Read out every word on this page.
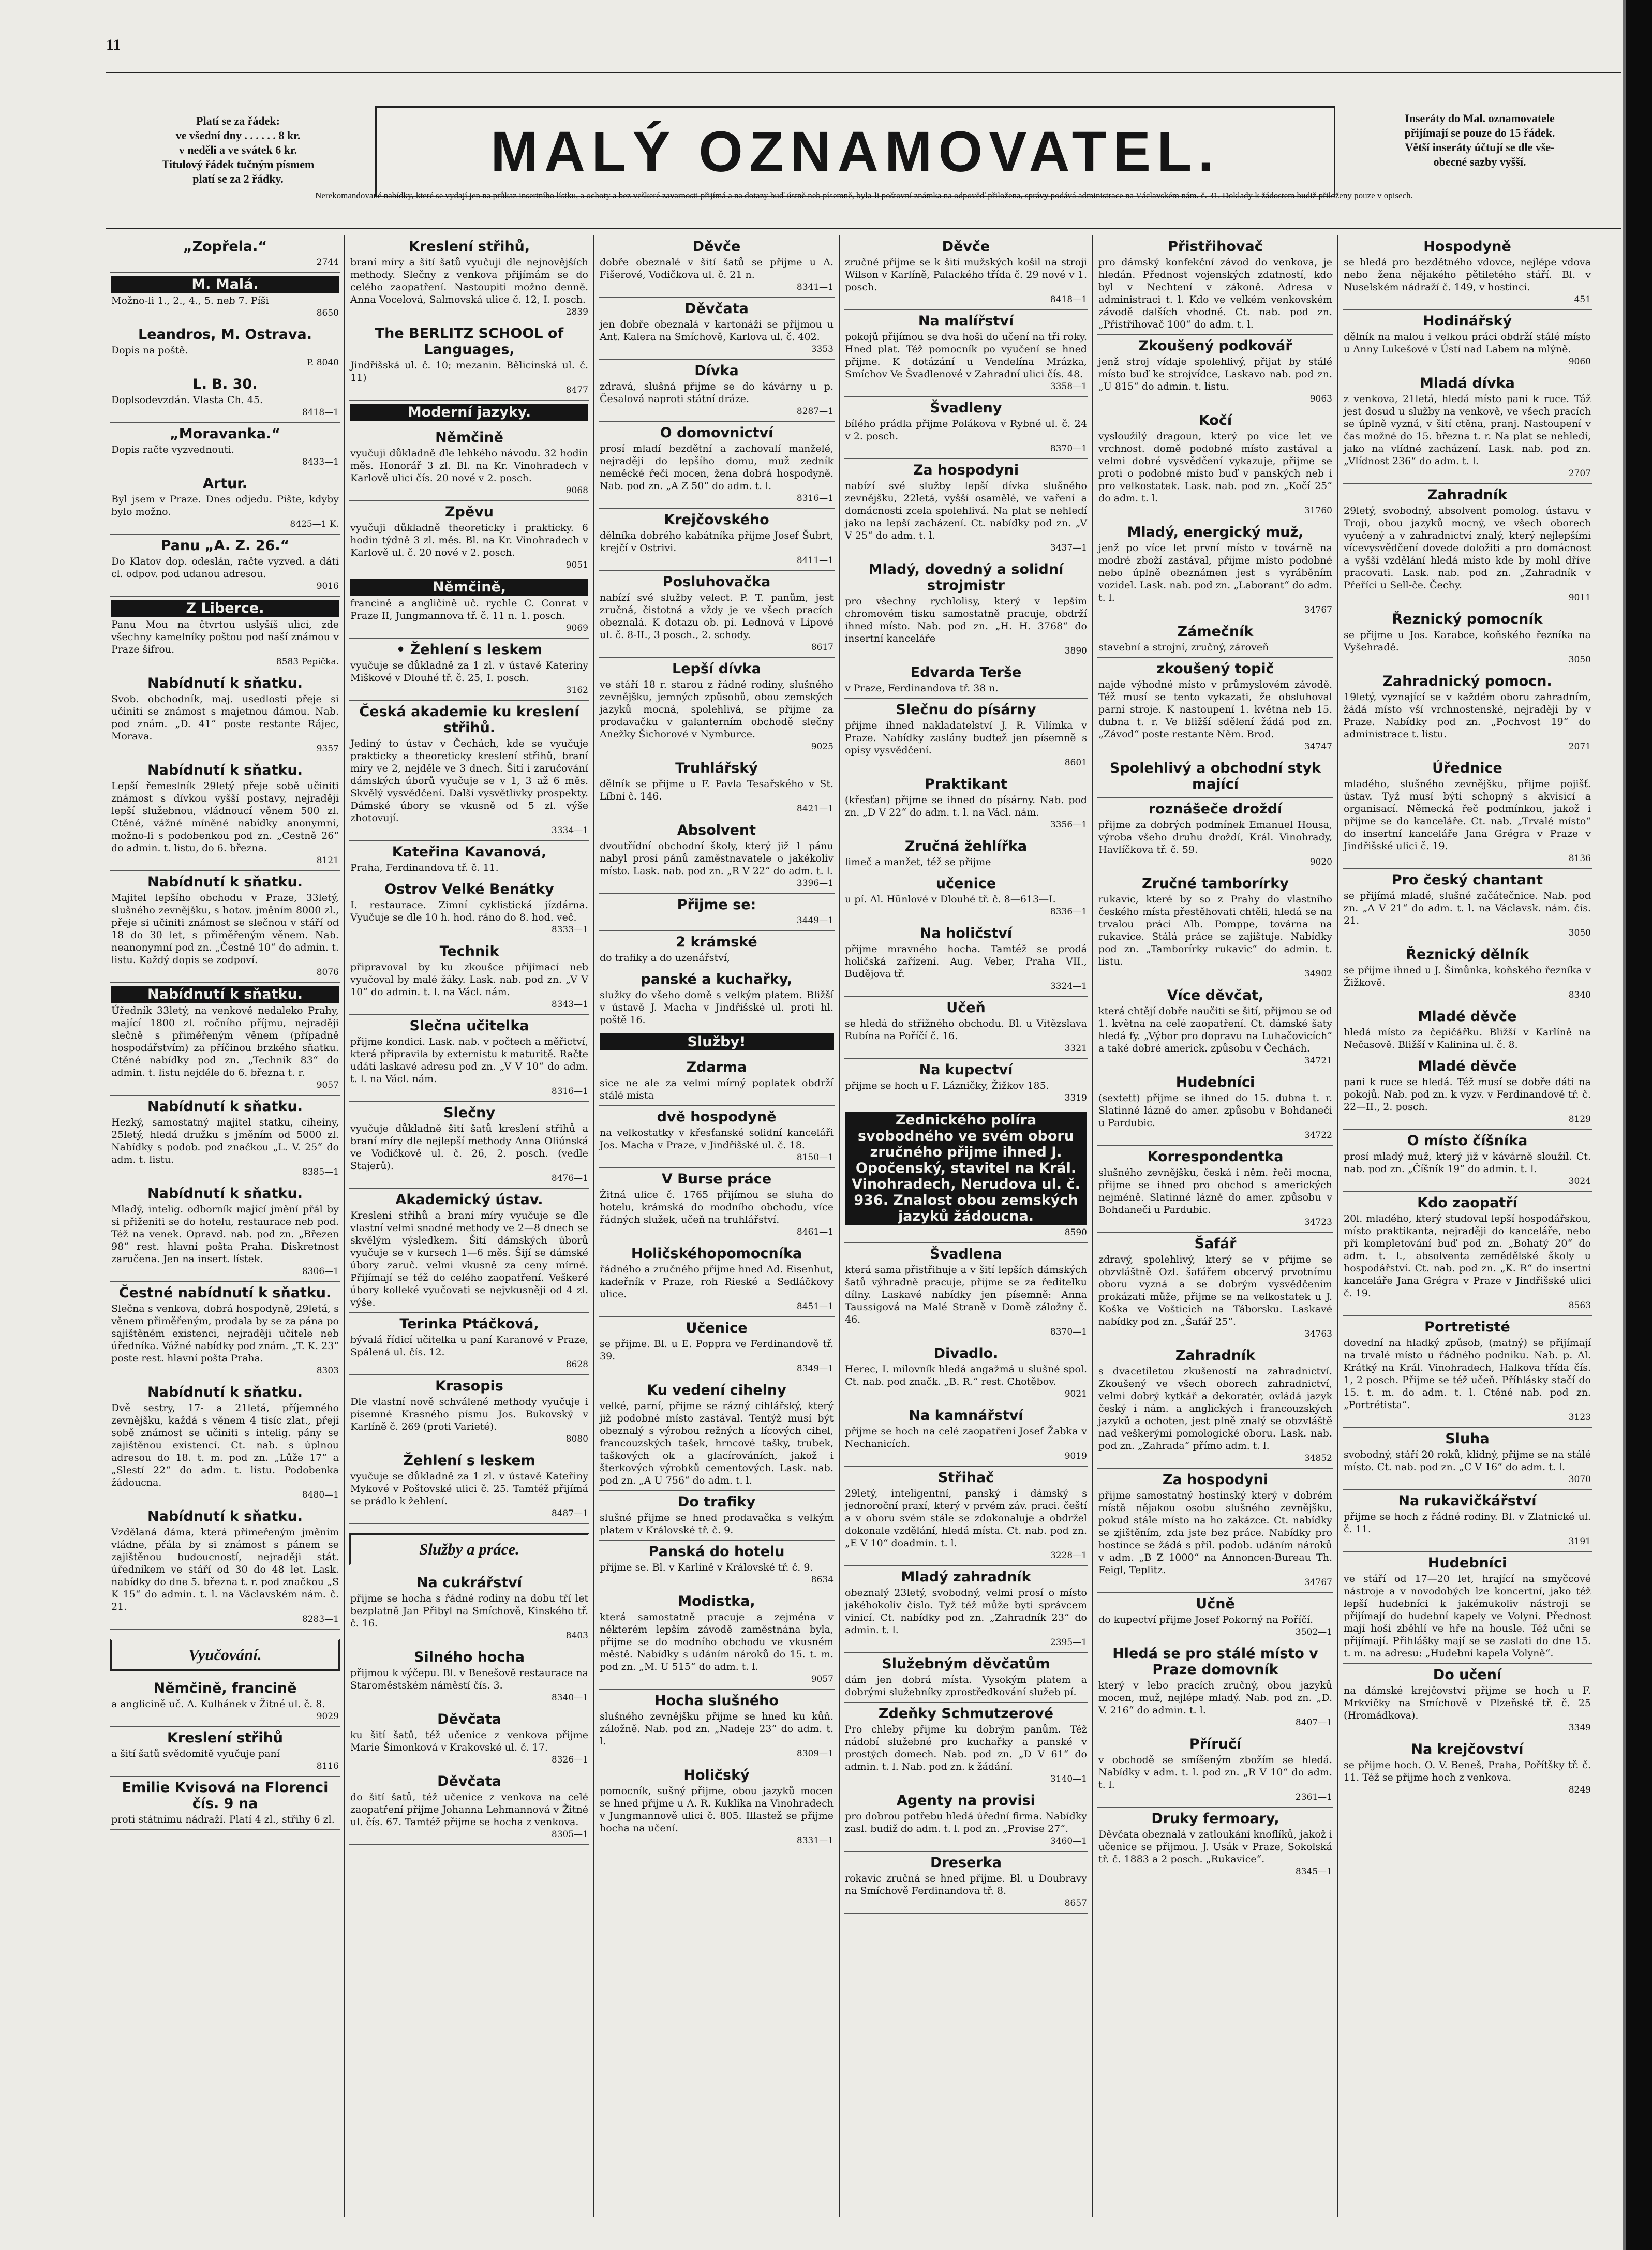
11
Platí se za řádek:
ve všední dny . . . . . . 8 kr.
v neděli a ve svátek 6 kr.
Titulový řádek tučným písmem
platí se za 2 řádky.	MALÝ OZNAMOVATEL.
Inseráty do Mal. oznamovatele
přijímají se pouze do 15 řádek.
Větší inseráty účtují se dle vše-
obecné sazby vyšší.
Nerekomandované nabídky, které se vydají jen na průkaz insertního lístku, a ochoty a bez veškeré zavarnosti přijímá a na dotazy buď ústně neb písemně, byla-li poštovní známka na odpověď přiložena, správy podává administrace na Václavském nám. č. 31. Doklady k žádostem budiž přiloženy pouze v opisech.
„Zopřela.“
2744
M. Malá.
Možno-li 1., 2., 4., 5. neb 7. Píši
8650
Leandros, M. Ostrava.
Dopis na poště.
P. 8040
L. B. 30.
Doplsodevzdán. Vlasta Ch. 45.
8418—1
„Moravanka.“
Dopis račte vyzvednouti.
8433—1
Artur.
Byl jsem v Praze. Dnes odjedu. Pište, kdyby bylo možno.
8425—1 K.
Panu „A. Z. 26.“
Do Klatov dop. odeslán, račte vyzved. a dáti cl. odpov. pod udanou adresou.
9016
Z Liberce.
Panu Mou na čtvrtou uslyšíš ulici, zde všechny kamelníky poštou pod naší známou v Praze šifrou.
8583 Pepička.
Nabídnutí k sňatku.
Svob. obchodník, maj. usedlosti přeje si učiniti se známost s majetnou dámou. Nab. pod znám. „D. 41“ poste restante Rájec, Morava.
9357
Nabídnutí k sňatku.
Lepší řemeslník 29letý přeje sobě učiniti známost s dívkou vyšší postavy, nejraději lepší služebnou, vládnoucí věnem 500 zl. Ctěné, vážné míněné nabídky anonymní, možno-li s podobenkou pod zn. „Cestně 26“ do admin. t. listu, do 6. března.
8121
Nabídnutí k sňatku.
Majitel lepšího obchodu v Praze, 33letý, slušného zevnějšku, s hotov. jměním 8000 zl., přeje si učiniti známost se slečnou v stáří od 18 do 30 let, s přiměřeným věnem. Nab. neanonymní pod zn. „Čestně 10“ do admin. t. listu. Každý dopis se zodpoví.
8076
Nabídnutí k sňatku.
Úředník 33letý, na venkově nedaleko Prahy, mající 1800 zl. ročního příjmu, nejraději slečně s přiměřeným věnem (případně hospodářstvím) za příčinou brzkého sňatku. Ctěné nabídky pod zn. „Technik 83“ do admin. t. listu nejdéle do 6. března t. r.
9057
Nabídnutí k sňatku.
Hezký, samostatný majitel statku, ciheiny, 25letý, hledá družku s jměním od 5000 zl. Nabídky s podob. pod značkou „L. V. 25“ do adm. t. listu.
8385—1
Nabídnutí k sňatku.
Mladý, intelig. odborník mající jmění přál by si přiženiti se do hotelu, restaurace neb pod. Též na venek. Opravd. nab. pod zn. „Březen 98“ rest. hlavní pošta Praha. Diskretnost zaručena. Jen na insert. lístek.
8306—1
Čestné nabídnutí k sňatku.
Slečna s venkova, dobrá hospodyně, 29letá, s věnem přiměřeným, prodala by se za pána po sajištěném existenci, nejraději učitele neb úředníka. Vážné nabídky pod znám. „T. K. 23“ poste rest. hlavní pošta Praha.
8303
Nabídnutí k sňatku.
Dvě sestry, 17- a 21letá, příjemného zevnějšku, každá s věnem 4 tisíc zlat., přejí sobě známost se učiniti s intelig. pány se zajištěnou existencí. Ct. nab. s úplnou adresou do 18. t. m. pod zn. „Lůže 17“ a „Slestí 22“ do adm. t. listu. Podobenka žádoucna.
8480—1
Nabídnutí k sňatku.
Vzdělaná dáma, která přimeřeným jměním vládne, přála by si známost s pánem se zajištěnou budoucností, nejraději stát. úředníkem ve stáří od 30 do 48 let. Lask. nabídky do dne 5. března t. r. pod značkou „S K 15“ do admin. t. l. na Václavském nám. č. 21.
8283—1
Vyučování.
Němčině, francině
a anglicině uč. A. Kulhánek v Žitné ul. č. 8.
9029
Kreslení střihů
a šití šatů svědomitě vyučuje paní
8116
Emilie Kvisová na Florenci čís. 9 na
proti státnímu nádraží. Platí 4 zl., střihy 6 zl.
Kreslení střihů,
braní míry a šití šatů vyučuji dle nejnovějších methody. Slečny z venkova přijímám se do celého zaopatření. Nastoupiti možno denně. Anna Vocelová, Salmovská ulice č. 12, I. posch.
2839
The BERLITZ SCHOOL of Languages,
Jindřišská ul. č. 10; mezanin. Bělicinská ul. č. 11)
8477
Moderní jazyky.
Němčině
vyučuji důkladně dle lehkého návodu. 32 hodin měs. Honorář 3 zl. Bl. na Kr. Vinohradech v Karlově ulici čís. 20 nové v 2. posch.
9068
Zpěvu
vyučuji důkladně theoreticky i prakticky. 6 hodin týdně 3 zl. měs. Bl. na Kr. Vinohradech v Karlově ul. č. 20 nové v 2. posch.
9051
Němčině,
francině a angličině uč. rychle C. Conrat v Praze II, Jungmannova tř. č. 11 n. 1. posch.
9069
• Žehlení s leskem
vyučuje se důkladně za 1 zl. v ústavě Kateriny Miškové v Dlouhé tř. č. 25, I. posch.
3162
Česká akademie ku kreslení střihů.
Jediný to ústav v Čechách, kde se vyučuje prakticky a theoreticky kreslení střihů, braní míry ve 2, nejděle ve 3 dnech. Šití i zaručování dámských úborů vyučuje se v 1, 3 až 6 měs. Skvělý vysvědčení. Další vysvětlivky prospekty. Dámské úbory se vkusně od 5 zl. výše zhotovují.
3334—1
Kateřina Kavanová,
Praha, Ferdinandova tř. č. 11.
Ostrov Velké Benátky
I. restaurace. Zimní cyklistická jízdárna. Vyučuje se dle 10 h. hod. ráno do 8. hod. več.
8333—1
Technik
připravoval by ku zkoušce příjímací neb vyučoval by malé žáky. Lask. nab. pod zn. „V V 10“ do admin. t. l. na Václ. nám.
8343—1
Slečna učitelka
přijme kondici. Lask. nab. v počtech a měřictví, která připravila by externistu k maturitě. Račte udáti laskavé adresu pod zn. „V V 10“ do adm. t. l. na Václ. nám.
8316—1
Slečny
vyučuje důkladně šití šatů kreslení střihů a braní míry dle nejlepší methody Anna Oliúnská ve Vodičkově ul. č. 26, 2. posch. (vedle Stajerů).
8476—1
Akademický ústav.
Kreslení střihů a braní míry vyučuje se dle vlastní velmi snadné methody ve 2—8 dnech se skvělým výsledkem. Šití dámských úborů vyučuje se v kursech 1—6 měs. Šijí se dámské úbory zaruč. velmi vkusně za ceny mírné. Přijímají se též do celého zaopatření. Veškeré úbory kolleké vyučovati se nejvkusněji od 4 zl. výše.
Terinka Ptáčková,
bývalá řídicí učitelka u paní Karanové v Praze, Spálená ul. čís. 12.
8628
Krasopis
Dle vlastní nově schválené methody vyučuje i písemné Krasného písmu Jos. Bukovský v Karlíně č. 269 (proti Varieté).
8080
Žehlení s leskem
vyučuje se důkladně za 1 zl. v ústavě Kateřiny Mykové v Poštovské ulici č. 25. Tamtéž přijímá se prádlo k žehlení.
8487—1
Služby a práce.
Na cukrářství
přijme se hocha s řádné rodiny na dobu tří let bezplatně Jan Přibyl na Smíchově, Kinského tř. č. 16.
8403
Silného hocha
přijmou k výčepu. Bl. v Benešově restaurace na Staroměstském náměstí čís. 3.
8340—1
Děvčata
ku šití šatů, též učenice z venkova přijme Marie Šimonková v Krakovské ul. č. 17.
8326—1
Děvčata
do šití šatů, též učenice z venkova na celé zaopatření přijme Johanna Lehmannová v Žitné ul. čís. 67. Tamtéž přijme se hocha z venkova.
8305—1
Děvče
dobře obeznalé v šití šatů se přijme u A. Fišerové, Vodičkova ul. č. 21 n.
8341—1
Děvčata
jen dobře obeznalá v kartonáži se přijmou u Ant. Kalera na Smíchově, Karlova ul. č. 402.
3353
Dívka
zdravá, slušná přijme se do kávárny u p. Česalová naproti státní dráze.
8287—1
O domovnictví
prosí mladí bezdětní a zachovalí manželé, nejraději do lepšího domu, muž zedník neměcké řeči mocen, žena dobrá hospodyně. Nab. pod zn. „A Z 50“ do adm. t. l.
8316—1
Krejčovského
dělníka dobrého kabátníka přijme Josef Šubrt, krejčí v Ostrivi.
8411—1
Posluhovačka
nabízí své služby velect. P. T. panům, jest zručná, čistotná a vždy je ve všech pracích obeznalá. K dotazu ob. pí. Lednová v Lipové ul. č. 8-II., 3 posch., 2. schody.
8617
Lepší dívka
ve stáří 18 r. starou z řádné rodiny, slušného zevnějšku, jemných způsobů, obou zemských jazyků mocná, spolehlivá, se přijme za prodavačku v galanterním obchodě slečny Anežky Šichorové v Nymburce.
9025
Truhlářský
dělník se přijme u F. Pavla Tesařského v St. Líbní č. 146.
8421—1
Absolvent
dvoutřídní obchodní školy, který již 1 pánu nabyl prosí pánů zaměstnavatele o jakékoliv místo. Lask. nab. pod zn. „R V 22“ do adm. t. l.
3396—1
Přijme se:
3449—1
2 krámské
do trafiky a do uzenářství,
panské a kuchařky,
služky do všeho domě s velkým platem. Bližší v ústavě J. Macha v Jindřišské ul. proti hl. poště 16.
Služby!
Zdarma
sice ne ale za velmi mírný poplatek obdrží stálé místa
dvě hospodyně
na velkostatky v křesťanské solidní kanceláři Jos. Macha v Praze, v Jindřišské ul. č. 18.
8150—1
V Burse práce
Žitná ulice č. 1765 přijímou se sluha do hotelu, krámská do modního obchodu, více řádných služek, učeň na truhlářství.
8461—1
Holičskéhopomocníka
řádného a zručného přijme hned Ad. Eisenhut, kadeřník v Praze, roh Rieské a Sedláčkovy ulice.
8451—1
Učenice
se přijme. Bl. u E. Poppra ve Ferdinandově tř. 39.
8349—1
Ku vedení cihelny
velké, parní, přijme se rázný cihlářský, který již podobné místo zastával. Tentýž musí být obeznalý s výrobou režných a lícových cihel, francouzských tašek, hrncové tašky, trubek, taškových ok a glacírováních, jakož i šterkových výrobků cementových. Lask. nab. pod zn. „A U 756“ do adm. t. l.
Do trafiky
slušné přijme se hned prodavačka s velkým platem v Královské tř. č. 9.
Panská do hotelu
přijme se. Bl. v Karlíně v Královské tř. č. 9.
8634
Modistka,
která samostatně pracuje a zejména v některém lepším závodě zaměstnána byla, přijme se do modního obchodu ve vkusném městě. Nabídky s udáním nároků do 15. t. m. pod zn. „M. U 515“ do adm. t. l.
9057
Hocha slušného
slušného zevnějšku přijme se hned ku kůň. záložně. Nab. pod zn. „Nadeje 23“ do adm. t. l.
8309—1
Holičský
pomocník, sušný přijme, obou jazyků mocen se hned přijme u A. R. Kuklíka na Vinohradech v Jungmannově ulici č. 805. Illastež se přijme hocha na učení.
8331—1
Děvče
zručné přijme se k šití mužských košil na stroji Wilson v Karlíně, Palackého třída č. 29 nové v 1. posch.
8418—1
Na malířství
pokojů přijímou se dva hoši do učení na tři roky. Hned plat. Též pomocník po vyučení se hned přijme. K dotázání u Vendelína Mrázka, Smíchov Ve Švadlenové v Zahradní ulici čís. 48.
3358—1
Švadleny
bílého prádla přijme Polákova v Rybné ul. č. 24 v 2. posch.
8370—1
Za hospodyni
nabízí své služby lepší dívka slušného zevnějšku, 22letá, vyšší osamělé, ve vaření a domácnosti zcela spolehlivá. Na plat se nehledí jako na lepší zacházení. Ct. nabídky pod zn. „V V 25“ do adm. t. l.
3437—1
Mladý, dovedný a solidní strojmistr
pro všechny rychlolisy, který v lepším chromovém tisku samostatně pracuje, obdrží ihned místo. Nab. pod zn. „H. H. 3768“ do insertní kanceláře
3890
Edvarda Terše
v Praze, Ferdinandova tř. 38 n.
Slečnu do písárny
přijme ihned nakladatelství J. R. Vilímka v Praze. Nabídky zaslány budtež jen písemně s opisy vysvědčení.
8601
Praktikant
(křesťan) přijme se ihned do písárny. Nab. pod zn. „D V 22“ do adm. t. l. na Václ. nám.
3356—1
Zručná žehlířka
limeč a manžet, též se přijme
učenice
u pí. Al. Hünlové v Dlouhé tř. č. 8—613—I.
8336—1
Na holičství
přijme mravného hocha. Tamtéž se prodá holičská zařízení. Aug. Veber, Praha VII., Budějova tř.
3324—1
Učeň
se hledá do střižného obchodu. Bl. u Vitězslava Rubína na Poříčí č. 16.
3321
Na kupectví
přijme se hoch u F. Lázničky, Žižkov 185.
3319
Zednického políra svobodného ve svém oboru zručného přijme ihned J. Opočenský, stavitel na Král. Vinohradech, Nerudova ul. č. 936. Znalost obou zemských jazyků žádoucna.
8590
Švadlena
která sama přistřihuje a v šití lepších dámských šatů výhradně pracuje, přijme se za ředitelku dílny. Laskavé nabídky jen písemně: Anna Taussigová na Malé Straně v Domě záložny č. 46.
8370—1
Divadlo.
Herec, I. milovník hledá angažmá u slušné spol. Ct. nab. pod značk. „B. R.“ rest. Chotěbov.
9021
Na kamnářství
přijme se hoch na celé zaopatření Josef Žabka v Nechanicích.
9019
Střihač
29letý, inteligentní, panský i dámský s jednoroční praxí, který v prvém záv. praci. čeští a v oboru svém stále se zdokonaluje a obdržel dokonale vzdělání, hledá místa. Ct. nab. pod zn. „E V 10“ doadmin. t. l.
3228—1
Mladý zahradník
obeznalý 23letý, svobodný, velmi prosí o místo jakéhokoliv číslo. Tyž též může byti správcem vinicí. Ct. nabídky pod zn. „Zahradník 23“ do admin. t. l.
2395—1
Služebným děvčatům
dám jen dobrá místa. Vysokým platem a dobrými služebníky zprostředkování služeb pí.
Zdeňky Schmutzerové
Pro chleby přijme ku dobrým panům. Též nádobí služebné pro kuchařky a panské v prostých domech. Nab. pod zn. „D V 61“ do admin. t. l. Nab. pod zn. k žádání.
3140—1
Agenty na provisi
pro dobrou potřebu hledá úřední firma. Nabídky zasl. budiž do adm. t. l. pod zn. „Provise 27“.
3460—1
Dreserka
rokavic zručná se hned přijme. Bl. u Doubravy na Smíchově Ferdinandova tř. 8.
8657
Přistřihovač
pro dámský konfekční závod do venkova, je hledán. Přednost vojenských zdatností, kdo byl v Nechtení v zákoně. Adresa v administraci t. l. Kdo ve velkém venkovském závodě dalších vhodné. Ct. nab. pod zn. „Přistřihovač 100“ do adm. t. l.
Zkoušený podkovář
jenž stroj vídaje spolehlivý, přijat by stálé místo buď ke strojvídce, Laskavo nab. pod zn. „U 815“ do admin. t. listu.
9063
Kočí
vysloužilý dragoun, který po vice let ve vrchnost. domě podobné místo zastával a velmi dobré vysvědčení vykazuje, přijme se proti o podobné místo buď v panských neb i pro velkostatek. Lask. nab. pod zn. „Kočí 25“ do adm. t. l.
31760
Mladý, energický muž,
jenž po více let první místo v továrně na modré zboží zastával, přijme místo podobné nebo úplně obeznámen jest s vyráběním vozidel. Lask. nab. pod zn. „Laborant“ do adm. t. l.
34767
Zámečník
stavební a strojní, zručný, zároveň
zkoušený topič
najde výhodné místo v průmyslovém závodě. Též musí se tento vykazati, že obsluhoval parní stroje. K nastoupení 1. května neb 15. dubna t. r. Ve bližší sdělení žádá pod zn. „Závod“ poste restante Něm. Brod.
34747
Spolehlivý a obchodní styk mající
roznášeče droždí
přijme za dobrých podmínek Emanuel Housa, výroba všeho druhu droždí, Král. Vinohrady, Havlíčkova tř. č. 59.
9020
Zručné tamborírky
rukavic, které by so z Prahy do vlastního českého místa přestěhovati chtěli, hledá se na trvalou práci Alb. Pomppe, továrna na rukavice. Stálá práce se zajištuje. Nabídky pod zn. „Tamborírky rukavic“ do admin. t. listu.
34902
Více děvčat,
která chtějí dobře naučiti se šití, přijmou se od 1. května na celé zaopatření. Ct. dámské šaty hledá fy. „Výbor pro dopravu na Luhačovicích“ a také dobré americk. způsobu v Čechách.
34721
Hudebníci
(sextett) přijme se ihned do 15. dubna t. r. Slatinné lázně do amer. způsobu v Bohdaneči u Pardubic.
34722
Korrespondentka
slušného zevnějšku, česká i něm. řeči mocna, přijme se ihned pro obchod s amerických nejméně. Slatinné lázně do amer. způsobu v Bohdaneči u Pardubic.
34723
Šafář
zdravý, spolehlivý, který se v přijme se obzvláštně Ozl. šafářem obcervý prvotnímu oboru vyzná a se dobrým vysvědčením prokázati může, přijme se na velkostatek u J. Koška ve Vošticích na Táborsku. Laskavé nabídky pod zn. „Šafář 25“.
34763
Zahradník
s dvacetiletou zkušeností na zahradnictví. Zkoušený ve všech oborech zahradnictví, velmi dobrý kytkář a dekoratér, ovládá jazyk český i nám. a anglických i francouzských jazyků a ochoten, jest plně znalý se obzvláště nad veškerými pomologické oboru. Lask. nab. pod zn. „Zahrada“ přímo adm. t. l.
34852
Za hospodyni
přijme samostatný hostinský který v dobrém místě nějakou osobu slušného zevnějšku, pokud stále místo na ho zakázce. Ct. nabídky se zjištěním, zda jste bez práce. Nabídky pro hostince se žádá s příl. podob. udáním nároků v adm. „B Z 1000“ na Annoncen-Bureau Th. Feigl, Teplitz.
34767
Učně
do kupectví přijme Josef Pokorný na Poříčí.
3502—1
Hledá se pro stálé místo v Praze domovník
který v lebo pracích zručný, obou jazyků mocen, muž, nejlépe mladý. Nab. pod zn. „D. V. 216“ do admin. t. l.
8407—1
Příručí
v obchodě se smíšeným zbožím se hledá. Nabídky v adm. t. l. pod zn. „R V 10“ do adm. t. l.
2361—1
Druky fermoary,
Děvčata obeznalá v zatloukání knoflíků, jakož i učenice se přijmou. J. Usák v Praze, Sokolská tř. č. 1883 a 2 posch. „Rukavice“.
8345—1
Hospodyně
se hledá pro bezdětného vdovce, nejlépe vdova nebo žena nějakého pětiletého stáří. Bl. v Nuselském nádraží č. 149, v hostinci.
451
Hodinářský
dělník na malou i velkou práci obdrží stálé místo u Anny Lukešové v Ústí nad Labem na mlýně.
9060
Mladá dívka
z venkova, 21letá, hledá místo pani k ruce. Táž jest dosud u služby na venkově, ve všech pracích se úplně vyzná, v šití ctěna, pranj. Nastoupení v čas možné do 15. března t. r. Na plat se nehledí, jako na vlídné zacházení. Lask. nab. pod zn. „Vlídnost 236“ do adm. t. l.
2707
Zahradník
29letý, svobodný, absolvent pomolog. ústavu v Troji, obou jazyků mocný, ve všech oborech vyučený a v zahradnictví znalý, který nejlepšími vícevysvědčení dovede doložiti a pro domácnost a vyšší vzdělání hledá místo kde by mohl dříve pracovati. Lask. nab. pod zn. „Zahradník v Přeříci u Sell-če. Čechy.
9011
Řeznický pomocník
se přijme u Jos. Karabce, koňského řezníka na Vyšehradě.
3050
Zahradnický pomocn.
19letý, vyznající se v každém oboru zahradním, žádá místo vší vrchnostenské, nejraději by v Praze. Nabídky pod zn. „Pochvost 19“ do administrace t. listu.
2071
Úřednice
mladého, slušného zevnějšku, přijme pojišť. ústav. Tyž musí býti schopný s akvisicí a organisací. Německá řeč podmínkou, jakož i přijme se do kanceláře. Ct. nab. „Trvalé místo“ do insertní kanceláře Jana Grégra v Praze v Jindřišské ulici č. 19.
8136
Pro český chantant
se přijímá mladé, slušné začátečnice. Nab. pod zn. „A V 21“ do adm. t. l. na Václavsk. nám. čís. 21.
3050
Řeznický dělník
se přijme ihned u J. Šimůnka, koňského řezníka v Žižkově.
8340
Mladé děvče
hledá místo za čepičářku. Bližší v Karlíně na Nečasově. Bližší v Kalinina ul. č. 8.
Mladé děvče
pani k ruce se hledá. Též musí se dobře dáti na pokojů. Nab. pod zn. k vyzv. v Ferdinandově tř. č. 22—II., 2. posch.
8129
O místo číšníka
prosí mladý muž, který již v kávárně sloužil. Ct. nab. pod zn. „Číšník 19“ do admin. t. l.
3024
Kdo zaopatří
20l. mladého, který studoval lepší hospodářskou, místo praktikanta, nejraději do kanceláře, nebo při kompletování buď pod zn. „Bohatý 20“ do adm. t. l., absolventa zemědělské školy u hospodářství. Ct. nab. pod zn. „K. R“ do insertní kanceláře Jana Grégra v Praze v Jindřišské ulici č. 19.
8563
Portretisté
dovední na hladký způsob, (matný) se přijímají na trvalé místo u řádného podniku. Nab. p. Al. Krátký na Král. Vinohradech, Halkova třída čís. 1, 2 posch. Přijme se též učeň. Příhlásky stačí do 15. t. m. do adm. t. l. Ctěné nab. pod zn. „Portrétista“.
3123
Sluha
svobodný, stáří 20 roků, klidný, přijme se na stálé místo. Ct. nab. pod zn. „C V 16“ do adm. t. l.
3070
Na rukavičkářství
přijme se hoch z řádné rodiny. Bl. v Zlatnické ul. č. 11.
3191
Hudebníci
ve stáří od 17—20 let, hrající na smyčcové nástroje a v novodobých lze koncertní, jako též lepší hudebníci k jakémukoliv nástroji se přijímají do hudební kapely ve Volyni. Přednost mají hoši zběhlí ve hře na housle. Též učni se přijímají. Přihlášky mají se se zaslati do dne 15. t. m. na adresu: „Hudební kapela Volyně“.
Do učení
na dámské krejčovství přijme se hoch u F. Mrkvičky na Smíchově v Plzeňské tř. č. 25 (Hromádkova).
3349
Na krejčovství
se přijme hoch. O. V. Beneš, Praha, Pořítšky tř. č. 11. Též se přijme hoch z venkova.
8249
